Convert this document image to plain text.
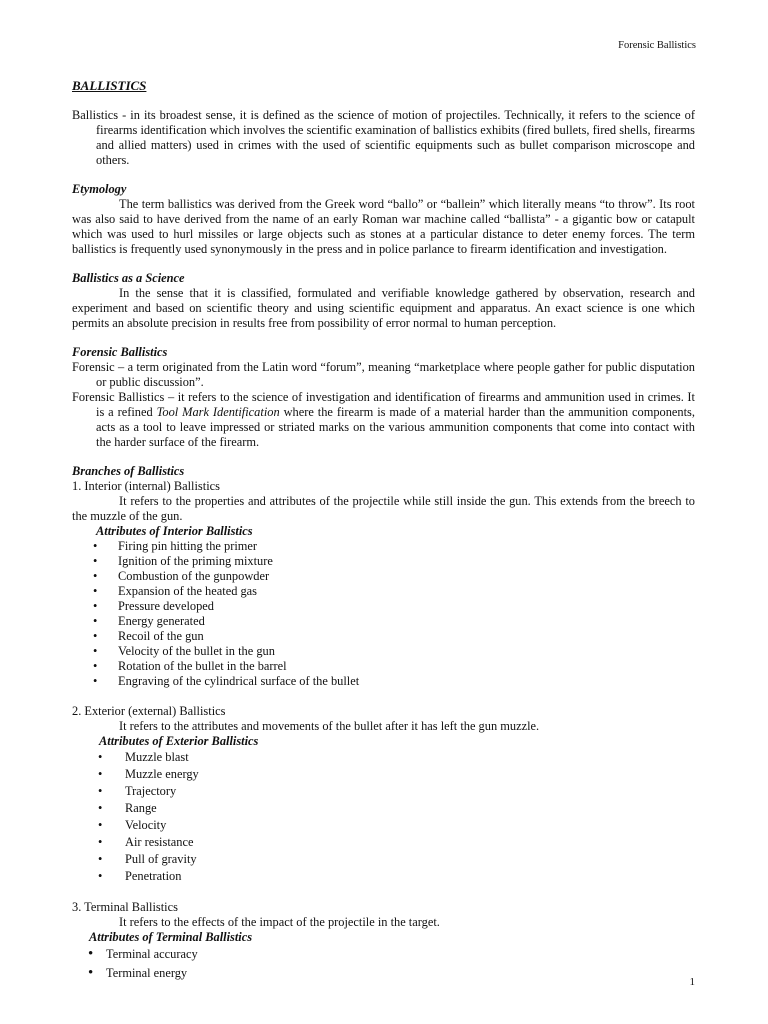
Forensic Ballistics
BALLISTICS

Ballistics - in its broadest sense, it is defined as the science of motion of projectiles. Technically, it refers to the science of firearms identification which involves the scientific examination of ballistics exhibits (fired bullets, fired shells, firearms and allied matters) used in crimes with the used of scientific equipments such as bullet comparison microscope and others.

Etymology

The term ballistics was derived from the Greek word “ballo” or “ballein” which literally means “to throw”. Its root was also said to have derived from the name of an early Roman war machine called “ballista” - a gigantic bow or catapult which was used to hurl missiles or large objects such as stones at a particular distance to deter enemy forces. The term ballistics is frequently used synonymously in the press and in police parlance to firearm identification and investigation.

Ballistics as a Science

In the sense that it is classified, formulated and verifiable knowledge gathered by observation, research and experiment and based on scientific theory and using scientific equipment and apparatus. An exact science is one which permits an absolute precision in results free from possibility of error normal to human perception.

Forensic Ballistics

Forensic – a term originated from the Latin word “forum”, meaning “marketplace where people gather for public disputation or public discussion”.

Forensic Ballistics – it refers to the science of investigation and identification of firearms and ammunition used in crimes. It is a refined Tool Mark Identification where the firearm is made of a material harder than the ammunition components, acts as a tool to leave impressed or striated marks on the various ammunition components that come into contact with the harder surface of the firearm.

Branches of Ballistics
1. Interior (internal) Ballistics

It refers to the properties and attributes of the projectile while still inside the gun. This extends from the breech to the muzzle of the gun.

Attributes of Interior Ballistics
• Firing pin hitting the primer
• Ignition of the priming mixture
• Combustion of the gunpowder
• Expansion of the heated gas
• Pressure developed
• Energy generated
• Recoil of the gun
• Velocity of the bullet in the gun
• Rotation of the bullet in the barrel
• Engraving of the cylindrical surface of the bullet
2. Exterior (external) Ballistics

It refers to the attributes and movements of the bullet after it has left the gun muzzle.

Attributes of Exterior Ballistics
• Muzzle blast
• Muzzle energy
• Trajectory
• Range
• Velocity
• Air resistance
• Pull of gravity
• Penetration
3. Terminal Ballistics

It refers to the effects of the impact of the projectile in the target.

Attributes of Terminal Ballistics
• Terminal accuracy
• Terminal energy
1
